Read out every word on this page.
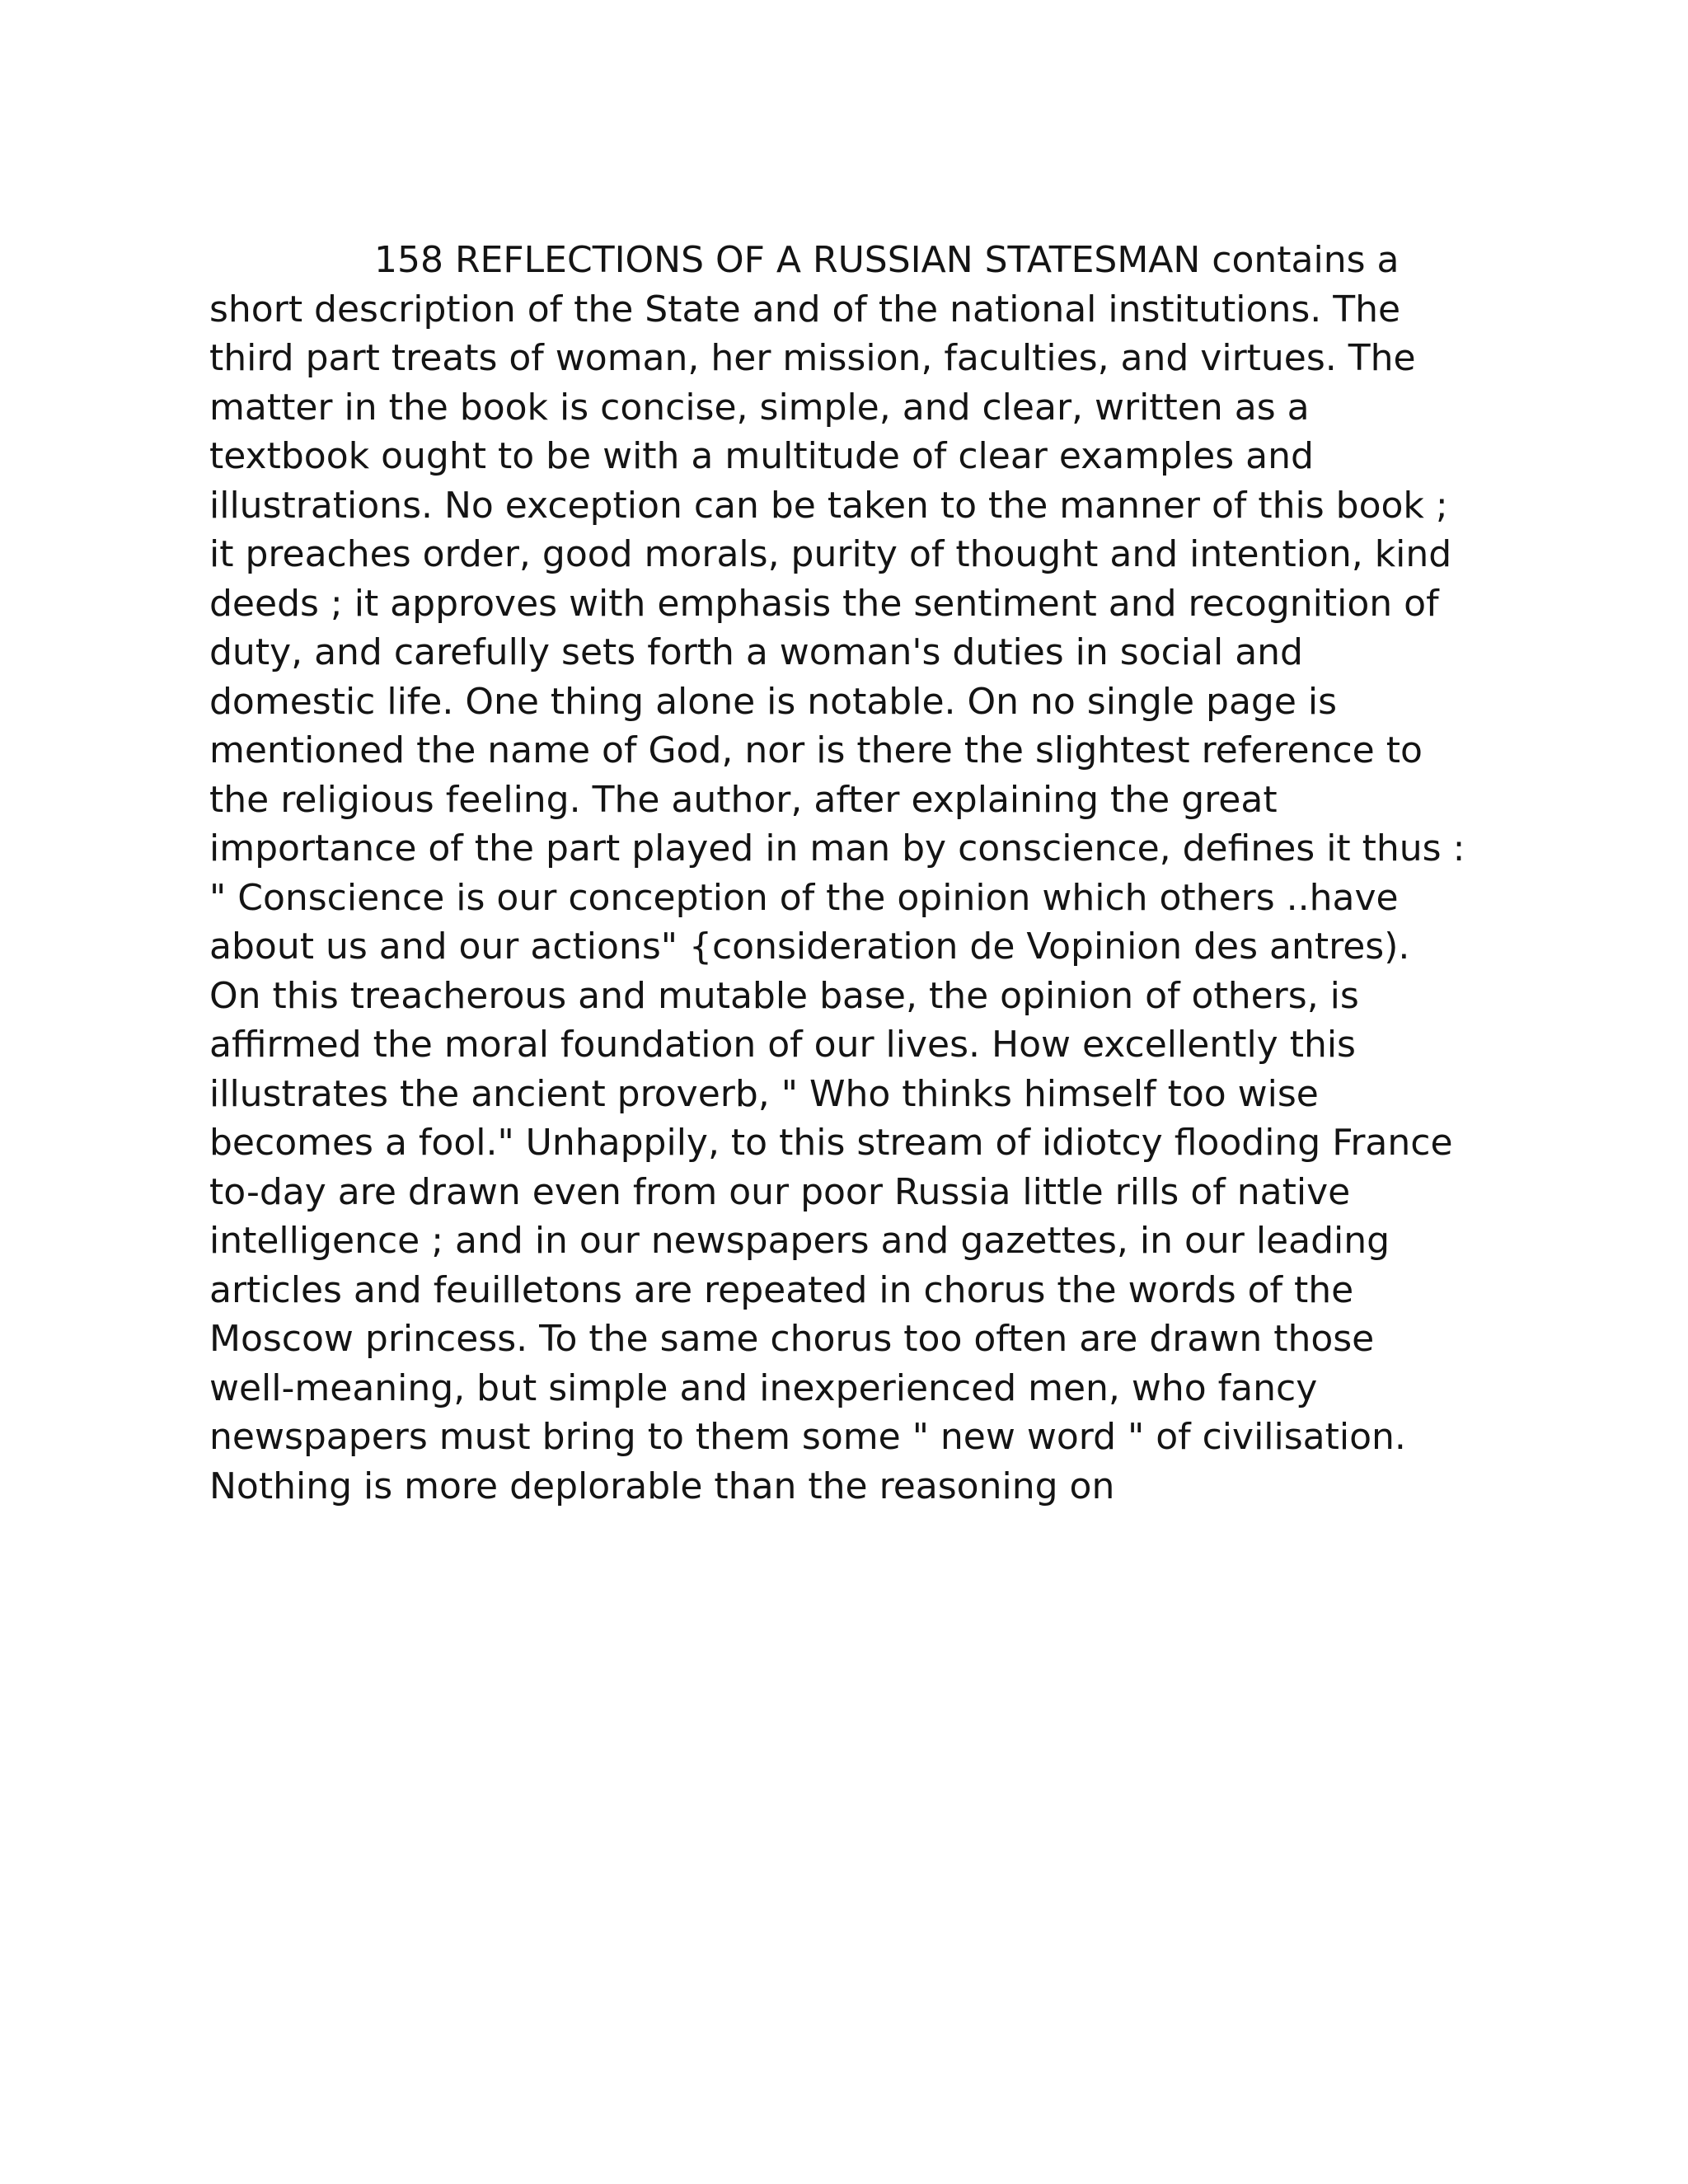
158 REFLECTIONS OF A RUSSIAN STATESMAN contains a
short description of the State and of the national institutions. The
third part treats of woman, her mission, faculties, and virtues. The
matter in the book is concise, simple, and clear, written as a
textbook ought to be with a multitude of clear examples and
illustrations. No exception can be taken to the manner of this book ;
it preaches order, good morals, purity of thought and intention, kind
deeds ; it approves with emphasis the sentiment and recognition of
duty, and carefully sets forth a woman's duties in social and
domestic life. One thing alone is notable. On no single page is
mentioned the name of God, nor is there the slightest reference to
the religious feeling. The author, after explaining the great
importance of the part played in man by conscience, defines it thus :
" Conscience is our conception of the opinion which others ..have
about us and our actions" {consideration de Vopinion des antres).
On this treacherous and mutable base, the opinion of others, is
affirmed the moral foundation of our lives. How excellently this
illustrates the ancient proverb, " Who thinks himself too wise
becomes a fool." Unhappily, to this stream of idiotcy flooding France
to-day are drawn even from our poor Russia little rills of native
intelligence ; and in our newspapers and gazettes, in our leading
articles and feuilletons are repeated in chorus the words of the
Moscow princess. To the same chorus too often are drawn those
well-meaning, but simple and inexperienced men, who fancy
newspapers must bring to them some " new word " of civilisation.
Nothing is more deplorable than the reasoning on
